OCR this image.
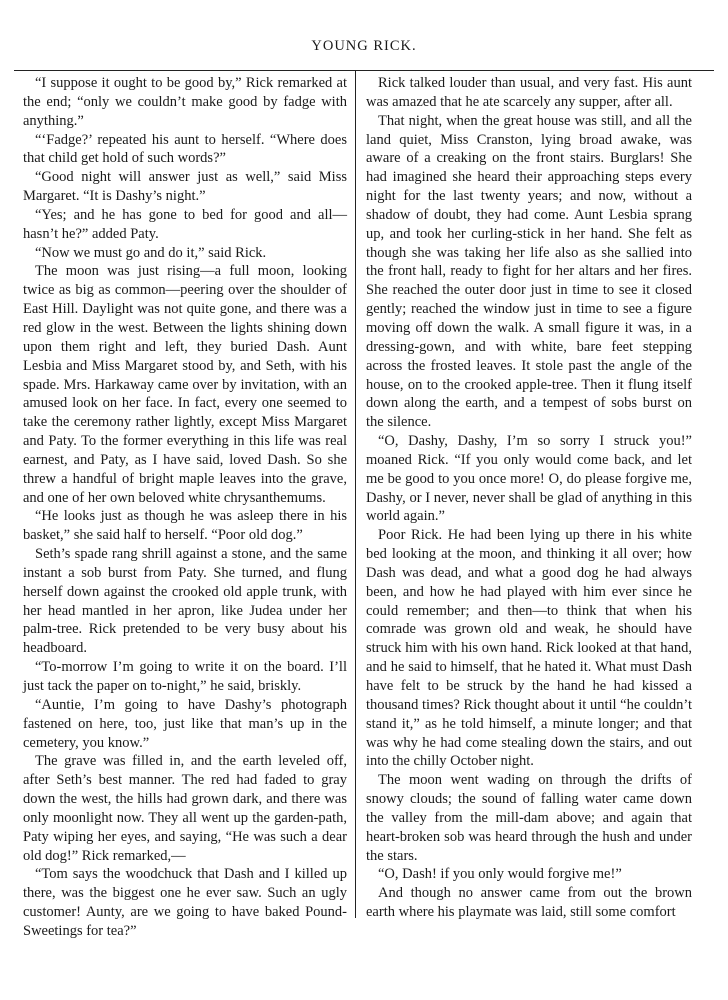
YOUNG RICK.

“I suppose it ought to be good by,” Rick remarked at the end; “only we couldn’t make good by fadge with anything.”

“‘Fadge?’ repeated his aunt to herself. “Where does that child get hold of such words?”

“Good night will answer just as well,” said Miss Margaret. “It is Dashy’s night.”

“Yes; and he has gone to bed for good and all—hasn’t he?” added Paty.

“Now we must go and do it,” said Rick.

The moon was just rising—a full moon, looking twice as big as common—peering over the shoulder of East Hill. Daylight was not quite gone, and there was a red glow in the west. Between the lights shining down upon them right and left, they buried Dash. Aunt Lesbia and Miss Margaret stood by, and Seth, with his spade. Mrs. Harkaway came over by invitation, with an amused look on her face. In fact, every one seemed to take the ceremony rather lightly, except Miss Margaret and Paty. To the former everything in this life was real earnest, and Paty, as I have said, loved Dash. So she threw a handful of bright maple leaves into the grave, and one of her own beloved white chrysanthemums.

“He looks just as though he was asleep there in his basket,” she said half to herself. “Poor old dog.”

Seth’s spade rang shrill against a stone, and the same instant a sob burst from Paty. She turned, and flung herself down against the crooked old apple trunk, with her head mantled in her apron, like Judea under her palm-tree. Rick pretended to be very busy about his headboard.

“To-morrow I’m going to write it on the board. I’ll just tack the paper on to-night,” he said, briskly.

“Auntie, I’m going to have Dashy’s photograph fastened on here, too, just like that man’s up in the cemetery, you know.”

The grave was filled in, and the earth leveled off, after Seth’s best manner. The red had faded to gray down the west, the hills had grown dark, and there was only moonlight now. They all went up the garden-path, Paty wiping her eyes, and saying, “He was such a dear old dog!” Rick remarked,—

“Tom says the woodchuck that Dash and I killed up there, was the biggest one he ever saw. Such an ugly customer! Aunty, are we going to have baked Pound-Sweetings for tea?”

Rick talked louder than usual, and very fast. His aunt was amazed that he ate scarcely any supper, after all.

That night, when the great house was still, and all the land quiet, Miss Cranston, lying broad awake, was aware of a creaking on the front stairs. Burglars! She had imagined she heard their approaching steps every night for the last twenty years; and now, without a shadow of doubt, they had come. Aunt Lesbia sprang up, and took her curling-stick in her hand. She felt as though she was taking her life also as she sallied into the front hall, ready to fight for her altars and her fires. She reached the outer door just in time to see it closed gently; reached the window just in time to see a figure moving off down the walk. A small figure it was, in a dressing-gown, and with white, bare feet stepping across the frosted leaves. It stole past the angle of the house, on to the crooked apple-tree. Then it flung itself down along the earth, and a tempest of sobs burst on the silence.

“O, Dashy, Dashy, I’m so sorry I struck you!” moaned Rick. “If you only would come back, and let me be good to you once more! O, do please forgive me, Dashy, or I never, never shall be glad of anything in this world again.”

Poor Rick. He had been lying up there in his white bed looking at the moon, and thinking it all over; how Dash was dead, and what a good dog he had always been, and how he had played with him ever since he could remember; and then—to think that when his comrade was grown old and weak, he should have struck him with his own hand. Rick looked at that hand, and he said to himself, that he hated it. What must Dash have felt to be struck by the hand he had kissed a thousand times? Rick thought about it until “he couldn’t stand it,” as he told himself, a minute longer; and that was why he had come stealing down the stairs, and out into the chilly October night.

The moon went wading on through the drifts of snowy clouds; the sound of falling water came down the valley from the mill-dam above; and again that heart-broken sob was heard through the hush and under the stars.

“O, Dash! if you only would forgive me!”

And though no answer came from out the brown earth where his playmate was laid, still some comfort
